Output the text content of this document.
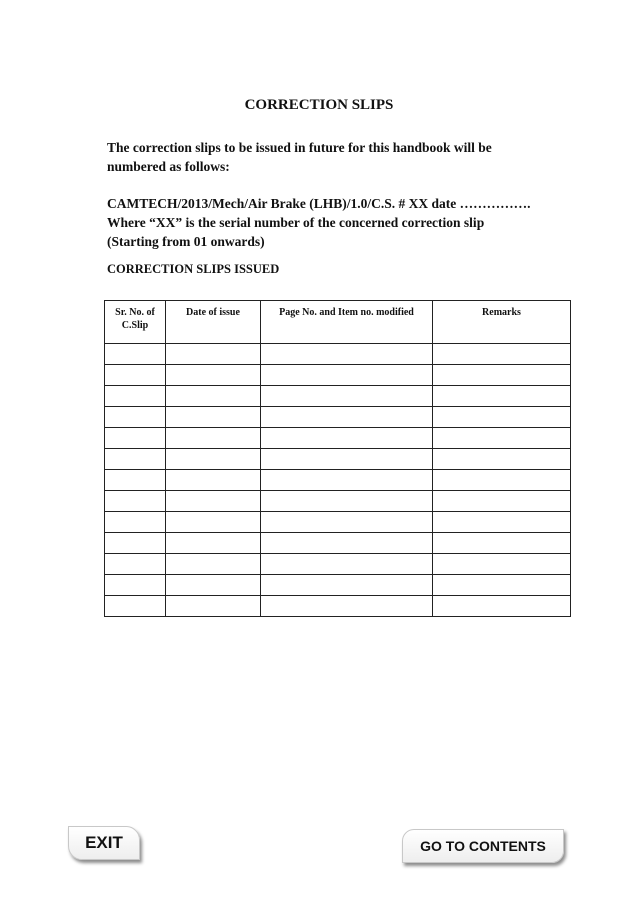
CORRECTION SLIPS
The correction slips to be issued in future for this handbook will be
numbered as follows:
CAMTECH/2013/Mech/Air Brake (LHB)/1.0/C.S. # XX date …………….
Where “XX” is the serial number of the concerned correction slip
(Starting from 01 onwards)
CORRECTION SLIPS ISSUED
Sr. No. of C.Slip	Date of issue	Page No. and Item no. modified	Remarks

EXIT	GO TO CONTENTS
